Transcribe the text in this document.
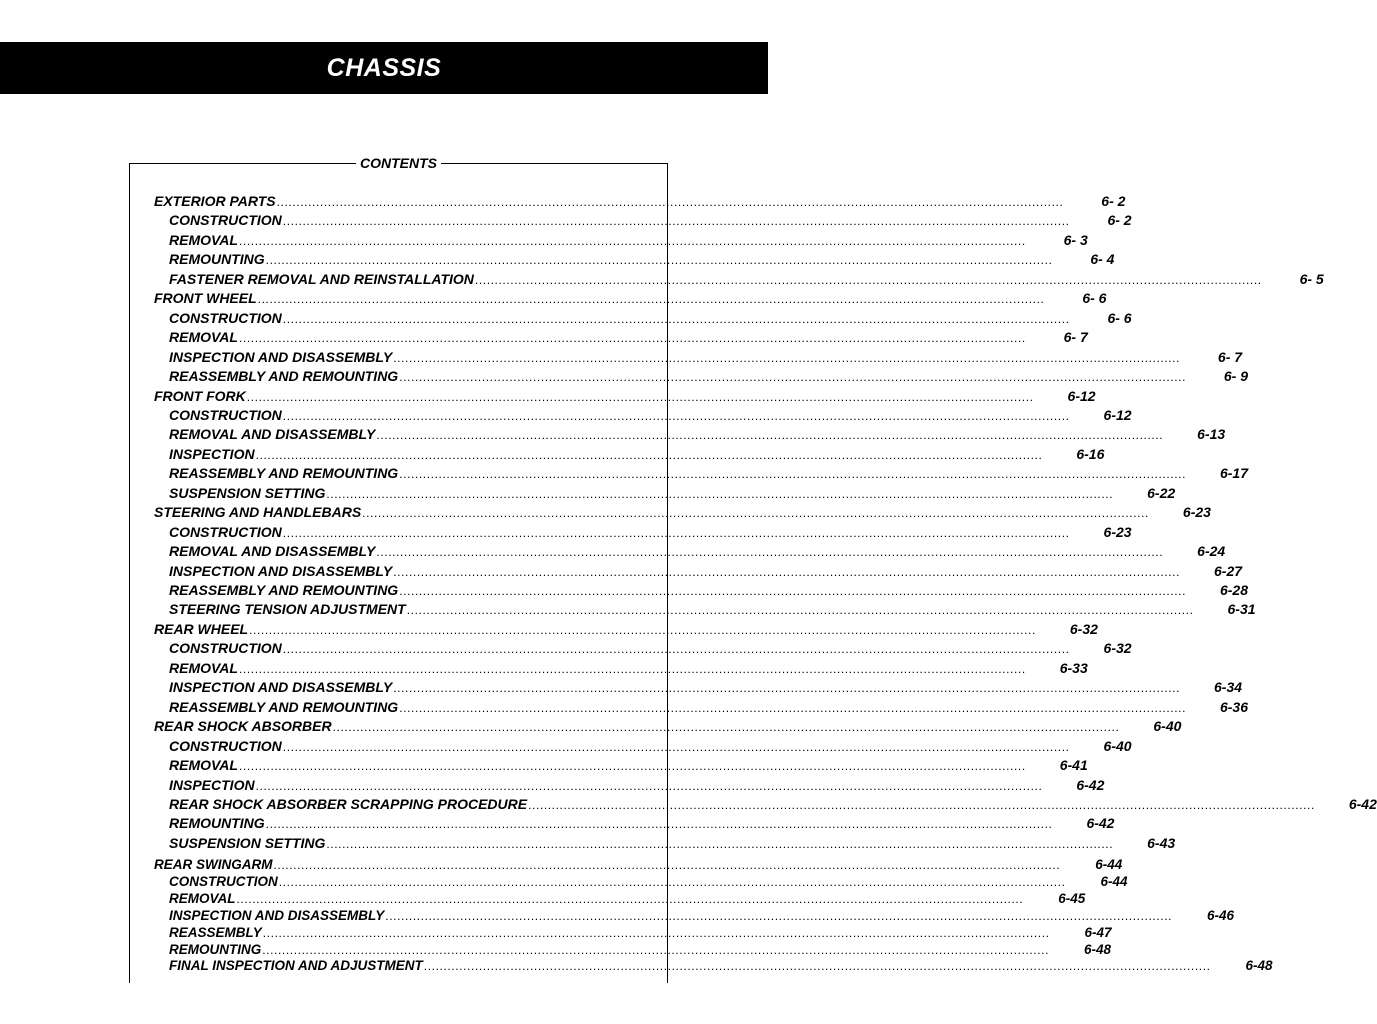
CHASSIS
CONTENTS
EXTERIOR PARTS ........................................................................................................................................................................................................	6- 2
CONSTRUCTION ........................................................................................................................................................................................................	6- 2
REMOVAL ........................................................................................................................................................................................................	6- 3
REMOUNTING ........................................................................................................................................................................................................	6- 4
FASTENER REMOVAL AND REINSTALLATION ........................................................................................................................................................................................................	6- 5
FRONT WHEEL ........................................................................................................................................................................................................	6- 6
CONSTRUCTION ........................................................................................................................................................................................................	6- 6
REMOVAL ........................................................................................................................................................................................................	6- 7
INSPECTION AND DISASSEMBLY ........................................................................................................................................................................................................	6- 7
REASSEMBLY AND REMOUNTING ........................................................................................................................................................................................................	6- 9
FRONT FORK ........................................................................................................................................................................................................	6-12
CONSTRUCTION ........................................................................................................................................................................................................	6-12
REMOVAL AND DISASSEMBLY ........................................................................................................................................................................................................	6-13
INSPECTION ........................................................................................................................................................................................................	6-16
REASSEMBLY AND REMOUNTING ........................................................................................................................................................................................................	6-17
SUSPENSION SETTING ........................................................................................................................................................................................................	6-22
STEERING AND HANDLEBARS ........................................................................................................................................................................................................	6-23
CONSTRUCTION ........................................................................................................................................................................................................	6-23
REMOVAL AND DISASSEMBLY ........................................................................................................................................................................................................	6-24
INSPECTION AND DISASSEMBLY ........................................................................................................................................................................................................	6-27
REASSEMBLY AND REMOUNTING ........................................................................................................................................................................................................	6-28
STEERING TENSION ADJUSTMENT ........................................................................................................................................................................................................	6-31
REAR WHEEL ........................................................................................................................................................................................................	6-32
CONSTRUCTION ........................................................................................................................................................................................................	6-32
REMOVAL ........................................................................................................................................................................................................	6-33
INSPECTION AND DISASSEMBLY ........................................................................................................................................................................................................	6-34
REASSEMBLY AND REMOUNTING ........................................................................................................................................................................................................	6-36
REAR SHOCK ABSORBER ........................................................................................................................................................................................................	6-40
CONSTRUCTION ........................................................................................................................................................................................................	6-40
REMOVAL ........................................................................................................................................................................................................	6-41
INSPECTION ........................................................................................................................................................................................................	6-42
REAR SHOCK ABSORBER SCRAPPING PROCEDURE ........................................................................................................................................................................................................	6-42
REMOUNTING ........................................................................................................................................................................................................	6-42
SUSPENSION SETTING ........................................................................................................................................................................................................	6-43
REAR SWINGARM ........................................................................................................................................................................................................	6-44
CONSTRUCTION ........................................................................................................................................................................................................	6-44
REMOVAL ........................................................................................................................................................................................................	6-45
INSPECTION AND DISASSEMBLY ........................................................................................................................................................................................................	6-46
REASSEMBLY ........................................................................................................................................................................................................	6-47
REMOUNTING ........................................................................................................................................................................................................	6-48
FINAL INSPECTION AND ADJUSTMENT ........................................................................................................................................................................................................	6-48
